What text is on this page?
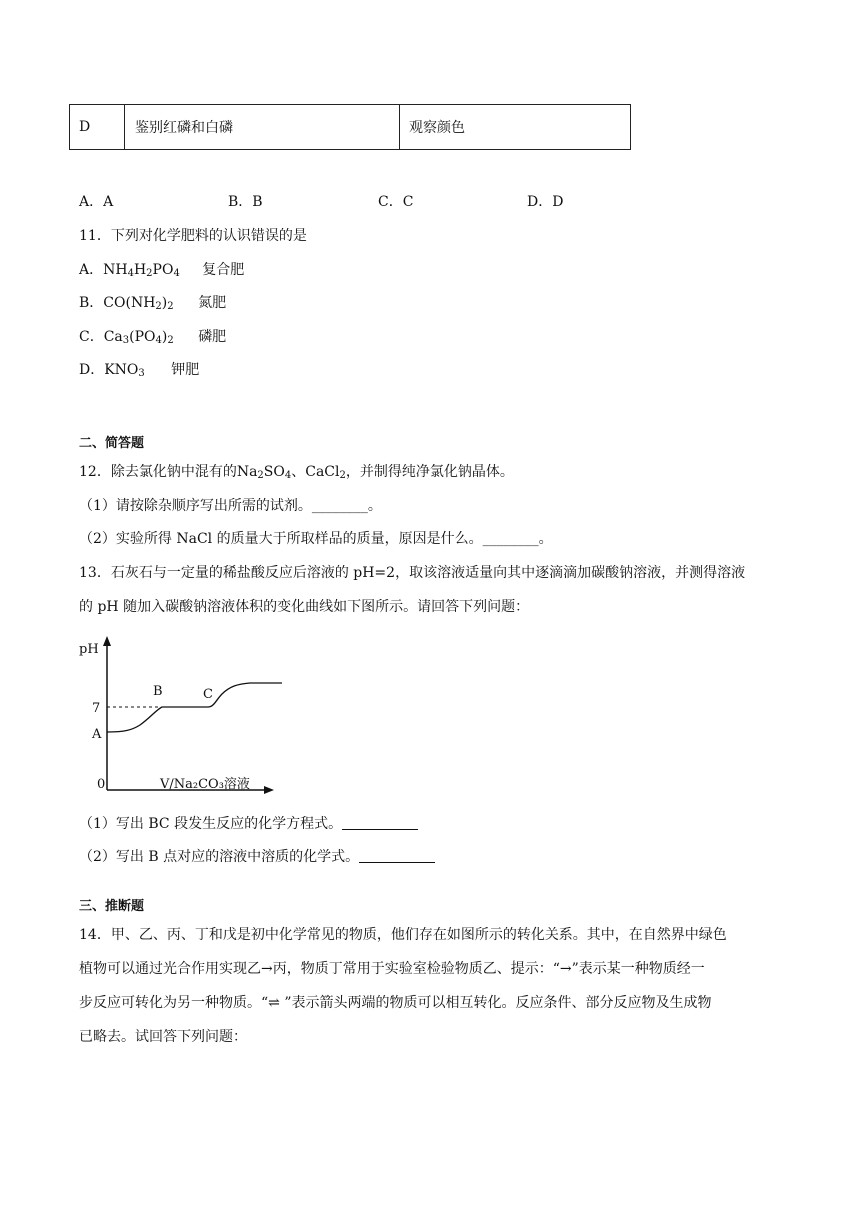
D	鉴别红磷和白磷	观察颜色
A．A	B．B	C．C	D．D
11．下列对化学肥料的认识错误的是
A．$NH_4H_2PO_4$ 复合肥
B．$CO(NH_2)_2$ 氮肥
C．$Ca_3(PO_4)_2$ 磷肥
D．$KNO_3$ 钾肥
二、简答题
12．除去氯化钠中混有的$Na_2SO_4$、CaCl$_2$，并制得纯净氯化钠晶体。
（1）请按除杂顺序写出所需的试剂。________。
（2）实验所得 NaCl 的质量大于所取样品的质量，原因是什么。________。
13．石灰石与一定量的稀盐酸反应后溶液的 pH=2，取该溶液适量向其中逐滴滴加碳酸钠溶液，并测得溶液
的 pH 随加入碳酸钠溶液体积的变化曲线如下图所示。请回答下列问题：
pH
7
A
B	C
0	V/Na₂CO₃溶液
（1）写出 BC 段发生反应的化学方程式。
（2）写出 B 点对应的溶液中溶质的化学式。
三、推断题
14．甲、乙、丙、丁和戊是初中化学常见的物质，他们存在如图所示的转化关系。其中，在自然界中绿色
植物可以通过光合作用实现乙→丙，物质丁常用于实验室检验物质乙、提示：“→”表示某一种物质经一
步反应可转化为另一种物质。“⇌ ”表示箭头两端的物质可以相互转化。反应条件、部分反应物及生成物
已略去。试回答下列问题：
